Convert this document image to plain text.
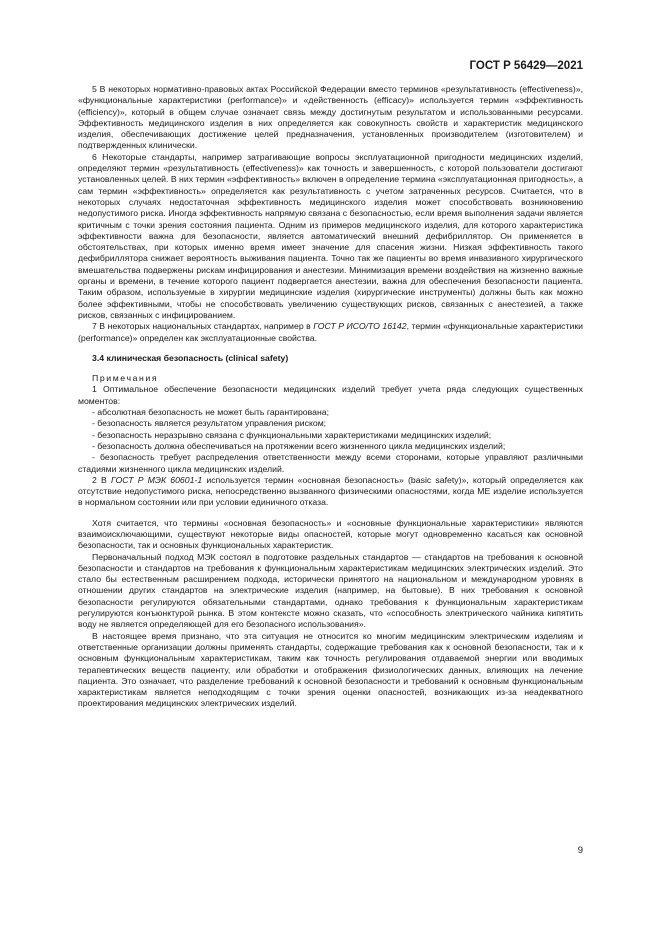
ГОСТ Р 56429—2021

5 В некоторых нормативно-правовых актах Российской Федерации вместо терминов «результативность (effectiveness)», «функциональные характеристики (performance)» и «действенность (efficacy)» используется термин «эффективность (efficiency)», который в общем случае означает связь между достигнутым результатом и использованными ресурсами. Эффективность медицинского изделия в них определяется как совокупность свойств и характеристик медицинского изделия, обеспечивающих достижение целей предназначения, установленных производителем (изготовителем) и подтвержденных клинически.

6 Некоторые стандарты, например затрагивающие вопросы эксплуатационной пригодности медицинских изделий, определяют термин «результативность (effectiveness)» как точность и завершенность, с которой пользователи достигают установленных целей. В них термин «эффективность» включен в определение термина «эксплуатационная пригодность», а сам термин «эффективность» определяется как результативность с учетом затраченных ресурсов. Считается, что в некоторых случаях недостаточная эффективность медицинского изделия может способствовать возникновению недопустимого риска. Иногда эффективность напрямую связана с безопасностью, если время выполнения задачи является критичным с точки зрения состояния пациента. Одним из примеров медицинского изделия, для которого характеристика эффективности важна для безопасности, является автоматический внешний дефибриллятор. Он применяется в обстоятельствах, при которых именно время имеет значение для спасения жизни. Низкая эффективность такого дефибриллятора снижает вероятность выживания пациента. Точно так же пациенты во время инвазивного хирургического вмешательства подвержены рискам инфицирования и анестезии. Минимизация времени воздействия на жизненно важные органы и времени, в течение которого пациент подвергается анестезии, важна для обеспечения безопасности пациента. Таким образом, используемые в хирургии медицинские изделия (хирургические инструменты) должны быть как можно более эффективными, чтобы не способствовать увеличению существующих рисков, связанных с анестезией, а также рисков, связанных с инфицированием.

7 В некоторых национальных стандартах, например в ГОСТ Р ИСО/ТО 16142, термин «функциональные характеристики (performance)» определен как эксплуатационные свойства.

3.4 клиническая безопасность (clinical safety)
Примечания

1 Оптимальное обеспечение безопасности медицинских изделий требует учета ряда следующих существенных моментов:

- абсолютная безопасность не может быть гарантирована;

- безопасность является результатом управления риском;

- безопасность неразрывно связана с функциональными характеристиками медицинских изделий;

- безопасность должна обеспечиваться на протяжении всего жизненного цикла медицинских изделий;

- безопасность требует распределения ответственности между всеми сторонами, которые управляют различными стадиями жизненного цикла медицинских изделий.

2 В ГОСТ Р МЭК 60601-1 используется термин «основная безопасность» (basic safety)», который определяется как отсутствие недопустимого риска, непосредственно вызванного физическими опасностями, когда МЕ изделие используется в нормальном состоянии или при условии единичного отказа.

Хотя считается, что термины «основная безопасность» и «основные функциональные характеристики» являются взаимоисключающими, существуют некоторые виды опасностей, которые могут одновременно касаться как основной безопасности, так и основных функциональных характеристик.

Первоначальный подход МЭК состоял в подготовке раздельных стандартов — стандартов на требования к основной безопасности и стандартов на требования к функциональным характеристикам медицинских электрических изделий. Это стало бы естественным расширением подхода, исторически принятого на национальном и международном уровнях в отношении других стандартов на электрические изделия (например, на бытовые). В них требования к основной безопасности регулируются обязательными стандартами, однако требования к функциональным характеристикам регулируются конъюнктурой рынка. В этом контексте можно сказать, что «способность электрического чайника кипятить воду не является определяющей для его безопасного использования».

В настоящее время признано, что эта ситуация не относится ко многим медицинским электрическим изделиям и ответственные организации должны применять стандарты, содержащие требования как к основной безопасности, так и к основным функциональным характеристикам, таким как точность регулирования отдаваемой энергии или вводимых терапевтических веществ пациенту, или обработки и отображения физиологических данных, влияющих на лечение пациента. Это означает, что разделение требований к основной безопасности и требований к основным функциональным характеристикам является неподходящим с точки зрения оценки опасностей, возникающих из-за неадекватного проектирования медицинских электрических изделий.

9
